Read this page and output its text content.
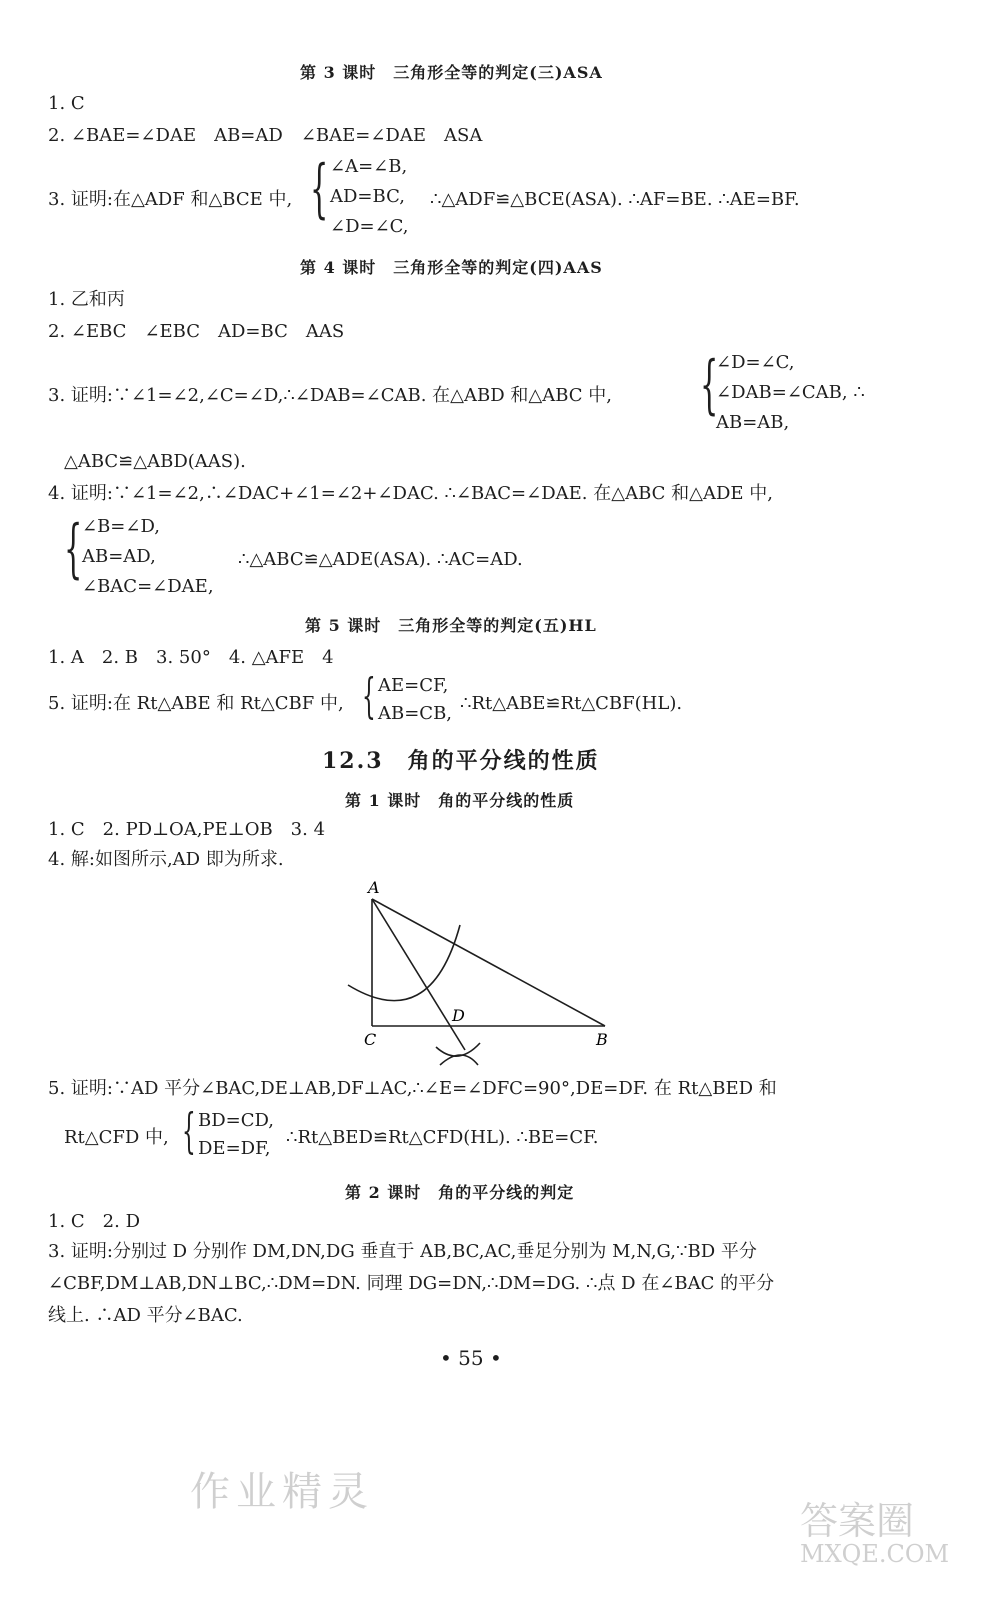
第 3 课时　三角形全等的判定(三)ASA
1. C
2. ∠BAE=∠DAE　AB=AD　∠BAE=∠DAE　ASA
3. 证明:在△ADF 和△BCE 中, { ∠A=∠B,
AD=BC,
∠D=∠C,
∴△ADF≌△BCE(ASA). ∴AF=BE. ∴AE=BF.
第 4 课时　三角形全等的判定(四)AAS
1. 乙和丙
2. ∠EBC　∠EBC　AD=BC　AAS
3. 证明:∵∠1=∠2,∠C=∠D,∴∠DAB=∠CAB. 在△ABD 和△ABC 中, {
∠D=∠C,
∠DAB=∠CAB, ∴
AB=AB,
△ABC≌△ABD(AAS).
4. 证明:∵∠1=∠2,∴∠DAC+∠1=∠2+∠DAC. ∴∠BAC=∠DAE. 在△ABC 和△ADE 中,
{ ∠B=∠D,
AB=AD,
∠BAC=∠DAE,
∴△ABC≌△ADE(ASA). ∴AC=AD.
第 5 课时　三角形全等的判定(五)HL
1. A　2. B　3. 50°　4. △AFE　4
5. 证明:在 Rt△ABE 和 Rt△CBF 中, { AE=CF,
AB=CB, ∴Rt△ABE≌Rt△CBF(HL).
12.3　角的平分线的性质
第 1 课时　角的平分线的性质
1. C　2. PD⊥OA,PE⊥OB　3. 4
4. 解:如图所示,AD 即为所求.
A
C
D
B
5. 证明:∵AD 平分∠BAC,DE⊥AB,DF⊥AC,∴∠E=∠DFC=90°,DE=DF. 在 Rt△BED 和
Rt△CFD 中, { BD=CD,
DE=DF,
∴Rt△BED≌Rt△CFD(HL). ∴BE=CF.
第 2 课时　角的平分线的判定
1. C　2. D
3. 证明:分别过 D 分别作 DM,DN,DG 垂直于 AB,BC,AC,垂足分别为 M,N,G,∵BD 平分
∠CBF,DM⊥AB,DN⊥BC,∴DM=DN. 同理 DG=DN,∴DM=DG. ∴点 D 在∠BAC 的平分
线上. ∴AD 平分∠BAC.
• 55 •
作业精灵
答案圈
MXQE.COM
